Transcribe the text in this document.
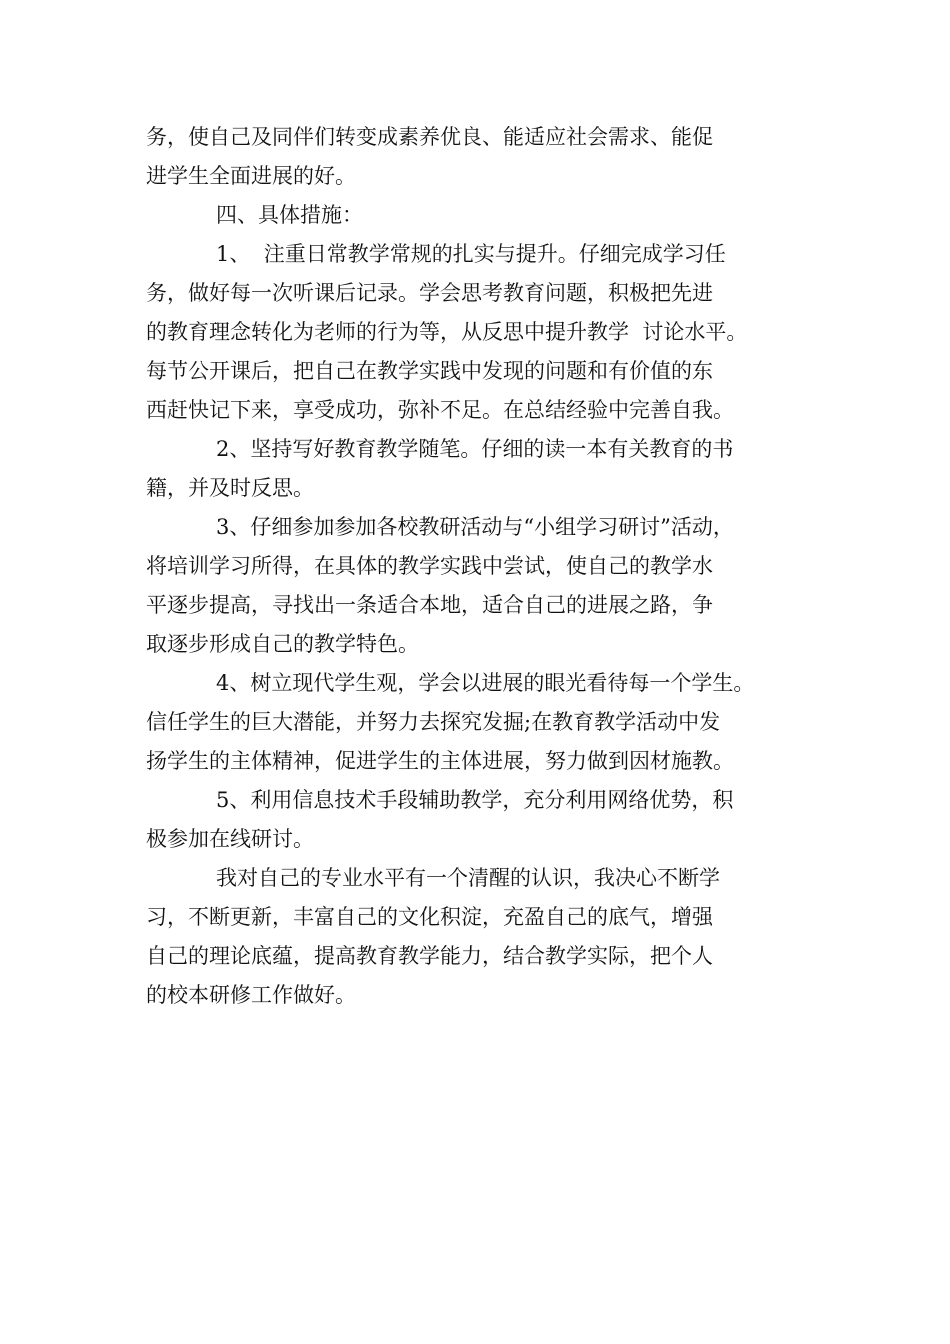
务，使自己及同伴们转变成素养优良、能适应社会需求、能促
进学生全面进展的好。
四、具体措施：
1、  注重日常教学常规的扎实与提升。仔细完成学习任
务，做好每一次听课后记录。学会思考教育问题，积极把先进
的教育理念转化为老师的行为等，从反思中提升教学  讨论水平。
每节公开课后，把自己在教学实践中发现的问题和有价值的东
西赶快记下来，享受成功，弥补不足。在总结经验中完善自我。
2、坚持写好教育教学随笔。仔细的读一本有关教育的书
籍，并及时反思。
3、仔细参加参加各校教研活动与“小组学习研讨”活动，
将培训学习所得，在具体的教学实践中尝试，使自己的教学水
平逐步提高，寻找出一条适合本地，适合自己的进展之路，争
取逐步形成自己的教学特色。
4、树立现代学生观，学会以进展的眼光看待每一个学生。
信任学生的巨大潜能，并努力去探究发掘;在教育教学活动中发
扬学生的主体精神，促进学生的主体进展，努力做到因材施教。
5、利用信息技术手段辅助教学，充分利用网络优势，积
极参加在线研讨。
我对自己的专业水平有一个清醒的认识，我决心不断学
习，不断更新，丰富自己的文化积淀，充盈自己的底气，增强
自己的理论底蕴，提高教育教学能力，结合教学实际，把个人
的校本研修工作做好。
